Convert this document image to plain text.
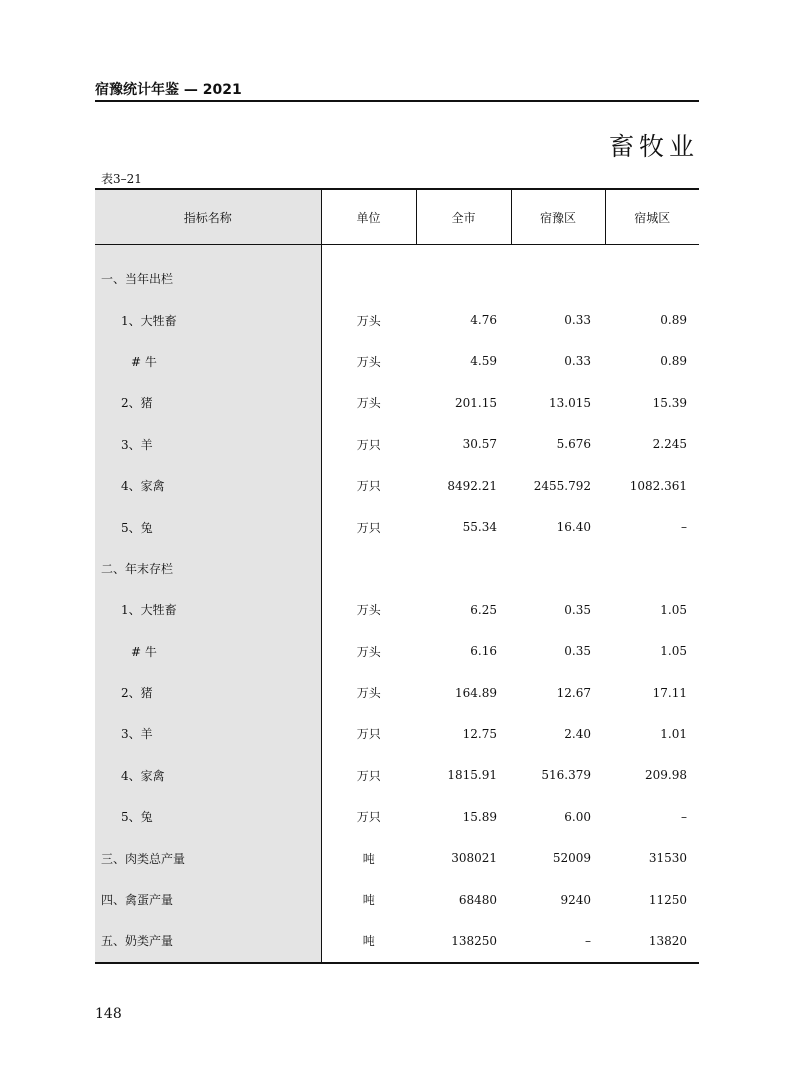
宿豫统计年鉴 — 2021
畜牧业
表3–21
指标名称	单位	全市	宿豫区	宿城区

一、当年出栏				
1、大牲畜	万头	4.76	0.33	0.89
# 牛	万头	4.59	0.33	0.89
2、猪	万头	201.15	13.015	15.39
3、羊	万只	30.57	5.676	2.245
4、家禽	万只	8492.21	2455.792	1082.361
5、兔	万只	55.34	16.40	–
二、年末存栏				
1、大牲畜	万头	6.25	0.35	1.05
# 牛	万头	6.16	0.35	1.05
2、猪	万头	164.89	12.67	17.11
3、羊	万只	12.75	2.40	1.01
4、家禽	万只	1815.91	516.379	209.98
5、兔	万只	15.89	6.00	–
三、肉类总产量	吨	308021	52009	31530
四、禽蛋产量	吨	68480	9240	11250
五、奶类产量	吨	138250	–	13820
148
